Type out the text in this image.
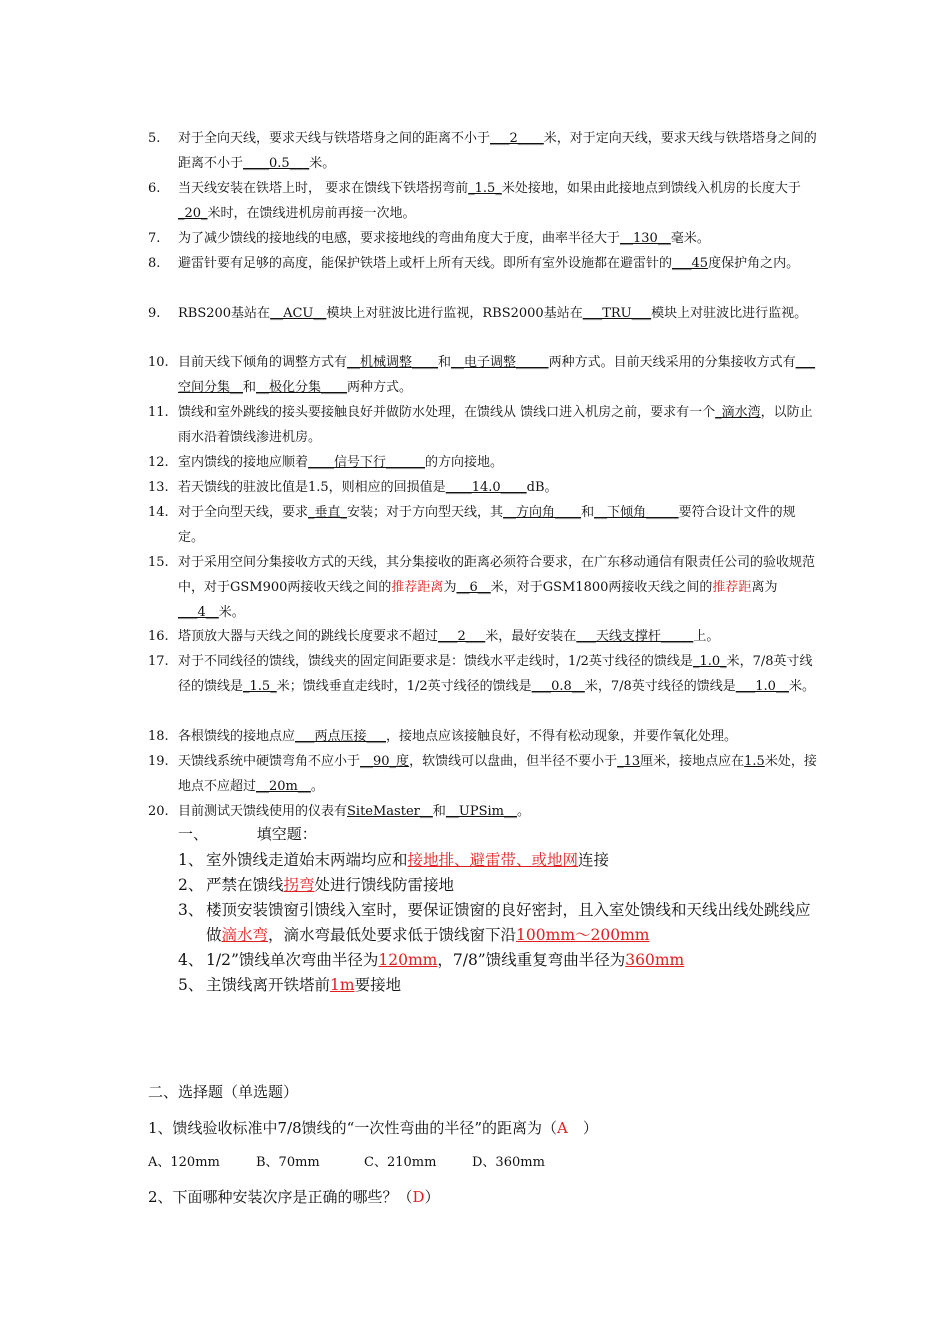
5.	对于全向天线，要求天线与铁塔塔身之间的距离不小于___2____米，对于定向天线，要求天线与铁塔塔身之间的距离不小于____0.5___米。
6.	当天线安装在铁塔上时， 要求在馈线下铁塔拐弯前_1.5_米处接地，如果由此接地点到馈线入机房的长度大于_20_米时，在馈线进机房前再接一次地。
7.	为了减少馈线的接地线的电感，要求接地线的弯曲角度大于度，曲率半径大于__130__毫米。
8.	避雷针要有足够的高度，能保护铁塔上或杆上所有天线。即所有室外设施都在避雷针的___45度保护角之内。
9.	RBS200基站在__ACU__模块上对驻波比进行监视，RBS2000基站在___TRU___模块上对驻波比进行监视。
10. 目前天线下倾角的调整方式有__机械调整____和__电子调整_____两种方式。目前天线采用的分集接收方式有___空间分集__和__极化分集____两种方式。
11. 馈线和室外跳线的接头要接触良好并做防水处理，在馈线从 馈线口进入机房之前，要求有一个_滴水湾，以防止雨水沿着馈线渗进机房。
12. 室内馈线的接地应顺着____信号下行______的方向接地。
13. 若天馈线的驻波比值是1.5，则相应的回损值是____14.0____dB。
14. 对于全向型天线，要求_垂直_安装；对于方向型天线，其__方向角____和__下倾角_____要符合设计文件的规定。
15. 对于采用空间分集接收方式的天线，其分集接收的距离必须符合要求，在广东移动通信有限责任公司的验收规范中，对于GSM900两接收天线之间的推荐距离为__6__米，对于GSM1800两接收天线之间的推荐距离为___4__米。
16. 塔顶放大器与天线之间的跳线长度要求不超过___2___米，最好安装在___天线支撑杆_____上。
17. 对于不同线径的馈线，馈线夹的固定间距要求是：馈线水平走线时，1/2英寸线径的馈线是_1.0_米，7/8英寸线径的馈线是_1.5_米；馈线垂直走线时，1/2英寸线径的馈线是___0.8__米，7/8英寸线径的馈线是___1.0__米。
18. 各根馈线的接地点应___两点压接___，接地点应该接触良好，不得有松动现象，并要作氧化处理。
19. 天馈线系统中硬馈弯角不应小于__90_度，软馈线可以盘曲，但半径不要小于_13厘米，接地点应在1.5米处，接地点不应超过__20m__。
20. 目前测试天馈线使用的仪表有SiteMaster__和__UPSim__。
一、	填空题：
1、 室外馈线走道始末两端均应和接地排、避雷带、或地网连接
2、 严禁在馈线拐弯处进行馈线防雷接地
3、 楼顶安装馈窗引馈线入室时，要保证馈窗的良好密封，且入室处馈线和天线出线处跳线应做滴水弯，滴水弯最低处要求低于馈线窗下沿100mm～200mm
4、 1/2”馈线单次弯曲半径为120mm，7/8”馈线重复弯曲半径为360mm
5、 主馈线离开铁塔前1m要接地
二、选择题（单选题）
1、馈线验收标准中7/8馈线的“一次性弯曲的半径”的距离为（A　）
A、120mm	B、70mm	C、210mm	D、360mm
2、下面哪种安装次序是正确的哪些？（D）
